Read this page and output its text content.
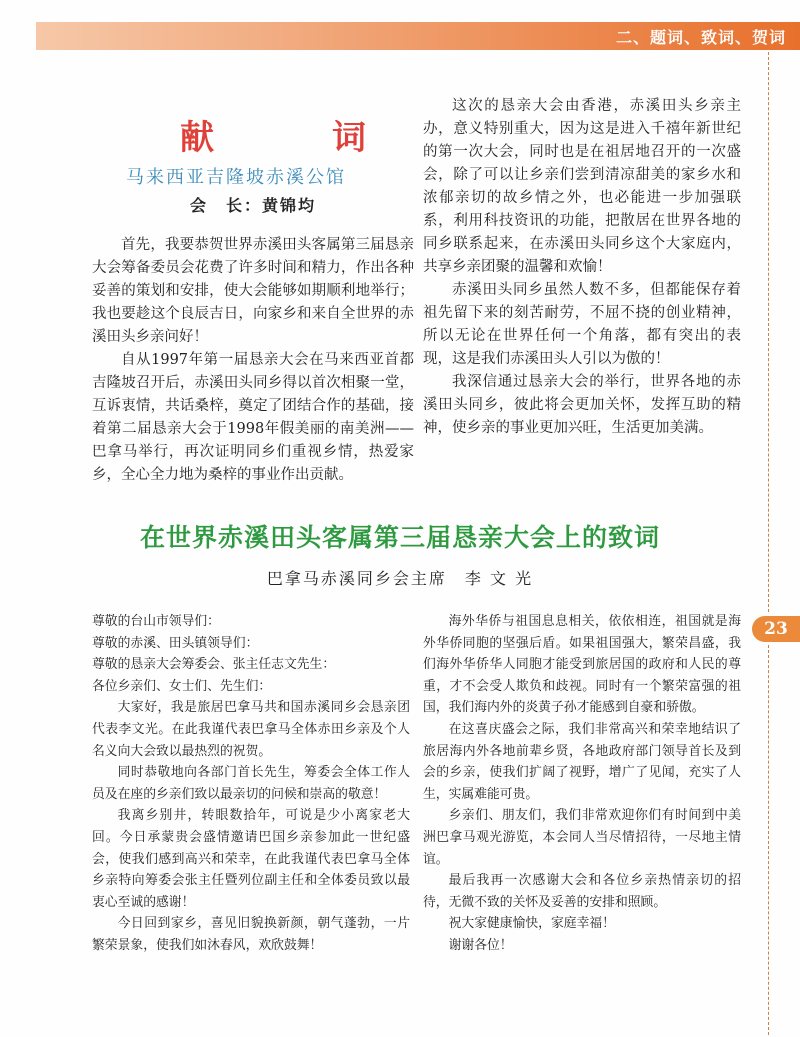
二、题词、致词、贺词
23
献　词
马来西亚吉隆坡赤溪公馆
会　长：黄锦均

首先，我要恭贺世界赤溪田头客属第三届恳亲大会筹备委员会花费了许多时间和精力，作出各种妥善的策划和安排，使大会能够如期顺利地举行；我也要趁这个良辰吉日，向家乡和来自全世界的赤溪田头乡亲问好！

自从1997年第一届恳亲大会在马来西亚首都吉隆坡召开后，赤溪田头同乡得以首次相聚一堂，互诉衷情，共话桑梓，奠定了团结合作的基础，接着第二届恳亲大会于1998年假美丽的南美洲——巴拿马举行，再次证明同乡们重视乡情，热爱家乡，全心全力地为桑梓的事业作出贡献。

这次的恳亲大会由香港，赤溪田头乡亲主办，意义特别重大，因为这是进入千禧年新世纪的第一次大会，同时也是在祖居地召开的一次盛会，除了可以让乡亲们尝到清凉甜美的家乡水和浓郁亲切的故乡情之外，也必能进一步加强联系，利用科技资讯的功能，把散居在世界各地的同乡联系起来，在赤溪田头同乡这个大家庭内，共享乡亲团聚的温馨和欢愉！

赤溪田头同乡虽然人数不多，但都能保存着祖先留下来的刻苦耐劳，不屈不挠的创业精神，所以无论在世界任何一个角落，都有突出的表现，这是我们赤溪田头人引以为傲的！

我深信通过恳亲大会的举行，世界各地的赤溪田头同乡，彼此将会更加关怀，发挥互助的精神，使乡亲的事业更加兴旺，生活更加美满。

在世界赤溪田头客属第三届恳亲大会上的致词
巴拿马赤溪同乡会主席　李 文 光

尊敬的台山市领导们：

尊敬的赤溪、田头镇领导们：

尊敬的恳亲大会筹委会、张主任志文先生：

各位乡亲们、女士们、先生们：

大家好，我是旅居巴拿马共和国赤溪同乡会恳亲团代表李文光。在此我谨代表巴拿马全体赤田乡亲及个人名义向大会致以最热烈的祝贺。

同时恭敬地向各部门首长先生，筹委会全体工作人员及在座的乡亲们致以最亲切的问候和崇高的敬意！

我离乡别井，转眼数拾年，可说是少小离家老大回。今日承蒙贵会盛情邀请巴国乡亲参加此一世纪盛会，使我们感到高兴和荣幸，在此我谨代表巴拿马全体乡亲特向筹委会张主任暨列位副主任和全体委员致以最衷心至诚的感谢！

今日回到家乡，喜见旧貌换新颜，朝气蓬勃，一片繁荣景象，使我们如沐春风，欢欣鼓舞！

海外华侨与祖国息息相关，依依相连，祖国就是海外华侨同胞的坚强后盾。如果祖国强大，繁荣昌盛，我们海外华侨华人同胞才能受到旅居国的政府和人民的尊重，才不会受人欺负和歧视。同时有一个繁荣富强的祖国，我们海内外的炎黄子孙才能感到自豪和骄傲。

在这喜庆盛会之际，我们非常高兴和荣幸地结识了旅居海内外各地前辈乡贤，各地政府部门领导首长及到会的乡亲，使我们扩阔了视野，增广了见闻，充实了人生，实属难能可贵。

乡亲们、朋友们，我们非常欢迎你们有时间到中美洲巴拿马观光游览，本会同人当尽情招待，一尽地主情谊。

最后我再一次感谢大会和各位乡亲热情亲切的招待，无微不致的关怀及妥善的安排和照顾。

祝大家健康愉快，家庭幸福！

谢谢各位！
